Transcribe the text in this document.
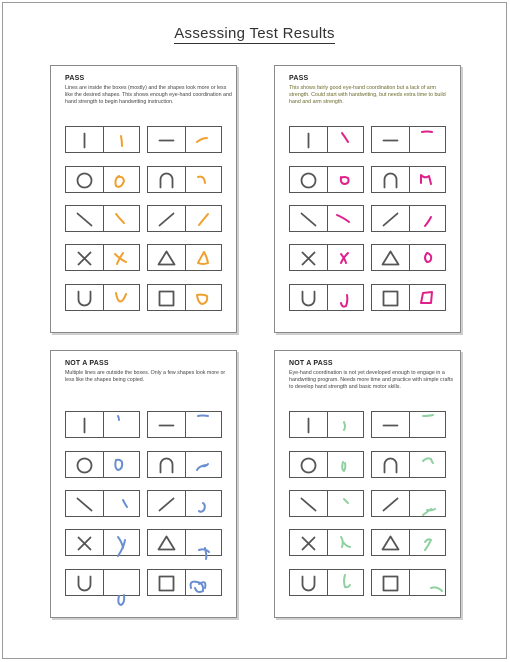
Assessing Test Results
PASS
Lines are inside the boxes (mostly) and the shapes look more or less like the desired shapes. This shows enough eye-hand coordination and hand strength to begin handwriting instruction.
PASS
This shows fairly good eye-hand coordination but a lack of arm strength. Could start with handwriting, but needs extra time to build hand and arm strength.
NOT A PASS
Multiple lines are outside the boxes. Only a few shapes look more or less like the shapes being copied.
NOT A PASS
Eye-hand coordination is not yet developed enough to engage in a handwriting program. Needs more time and practice with simple crafts to develop hand strength and basic motor skills.
